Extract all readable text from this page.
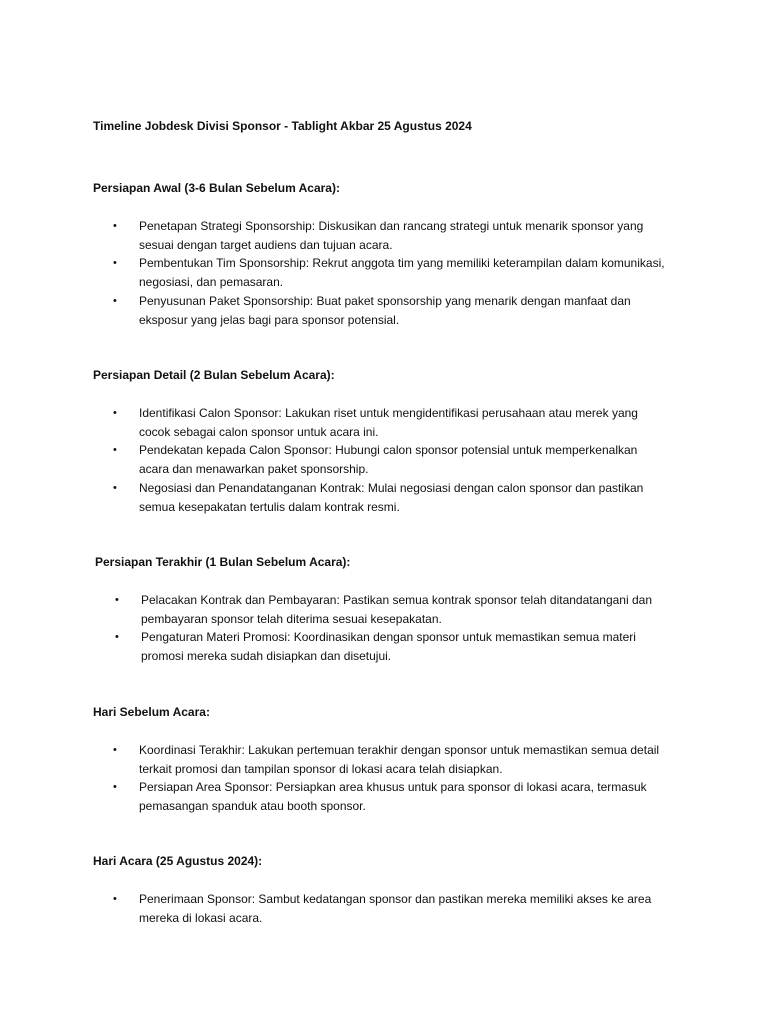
Timeline Jobdesk Divisi Sponsor - Tablight Akbar 25 Agustus 2024
Persiapan Awal (3-6 Bulan Sebelum Acara):
• Penetapan Strategi Sponsorship: Diskusikan dan rancang strategi untuk menarik sponsor yang sesuai dengan target audiens dan tujuan acara.
• Pembentukan Tim Sponsorship: Rekrut anggota tim yang memiliki keterampilan dalam komunikasi, negosiasi, dan pemasaran.
• Penyusunan Paket Sponsorship: Buat paket sponsorship yang menarik dengan manfaat dan eksposur yang jelas bagi para sponsor potensial.
Persiapan Detail (2 Bulan Sebelum Acara):
• Identifikasi Calon Sponsor: Lakukan riset untuk mengidentifikasi perusahaan atau merek yang cocok sebagai calon sponsor untuk acara ini.
• Pendekatan kepada Calon Sponsor: Hubungi calon sponsor potensial untuk memperkenalkan acara dan menawarkan paket sponsorship.
• Negosiasi dan Penandatanganan Kontrak: Mulai negosiasi dengan calon sponsor dan pastikan semua kesepakatan tertulis dalam kontrak resmi.
Persiapan Terakhir (1 Bulan Sebelum Acara):
• Pelacakan Kontrak dan Pembayaran: Pastikan semua kontrak sponsor telah ditandatangani dan pembayaran sponsor telah diterima sesuai kesepakatan.
• Pengaturan Materi Promosi: Koordinasikan dengan sponsor untuk memastikan semua materi promosi mereka sudah disiapkan dan disetujui.
Hari Sebelum Acara:
• Koordinasi Terakhir: Lakukan pertemuan terakhir dengan sponsor untuk memastikan semua detail terkait promosi dan tampilan sponsor di lokasi acara telah disiapkan.
• Persiapan Area Sponsor: Persiapkan area khusus untuk para sponsor di lokasi acara, termasuk pemasangan spanduk atau booth sponsor.
Hari Acara (25 Agustus 2024):
• Penerimaan Sponsor: Sambut kedatangan sponsor dan pastikan mereka memiliki akses ke area mereka di lokasi acara.
